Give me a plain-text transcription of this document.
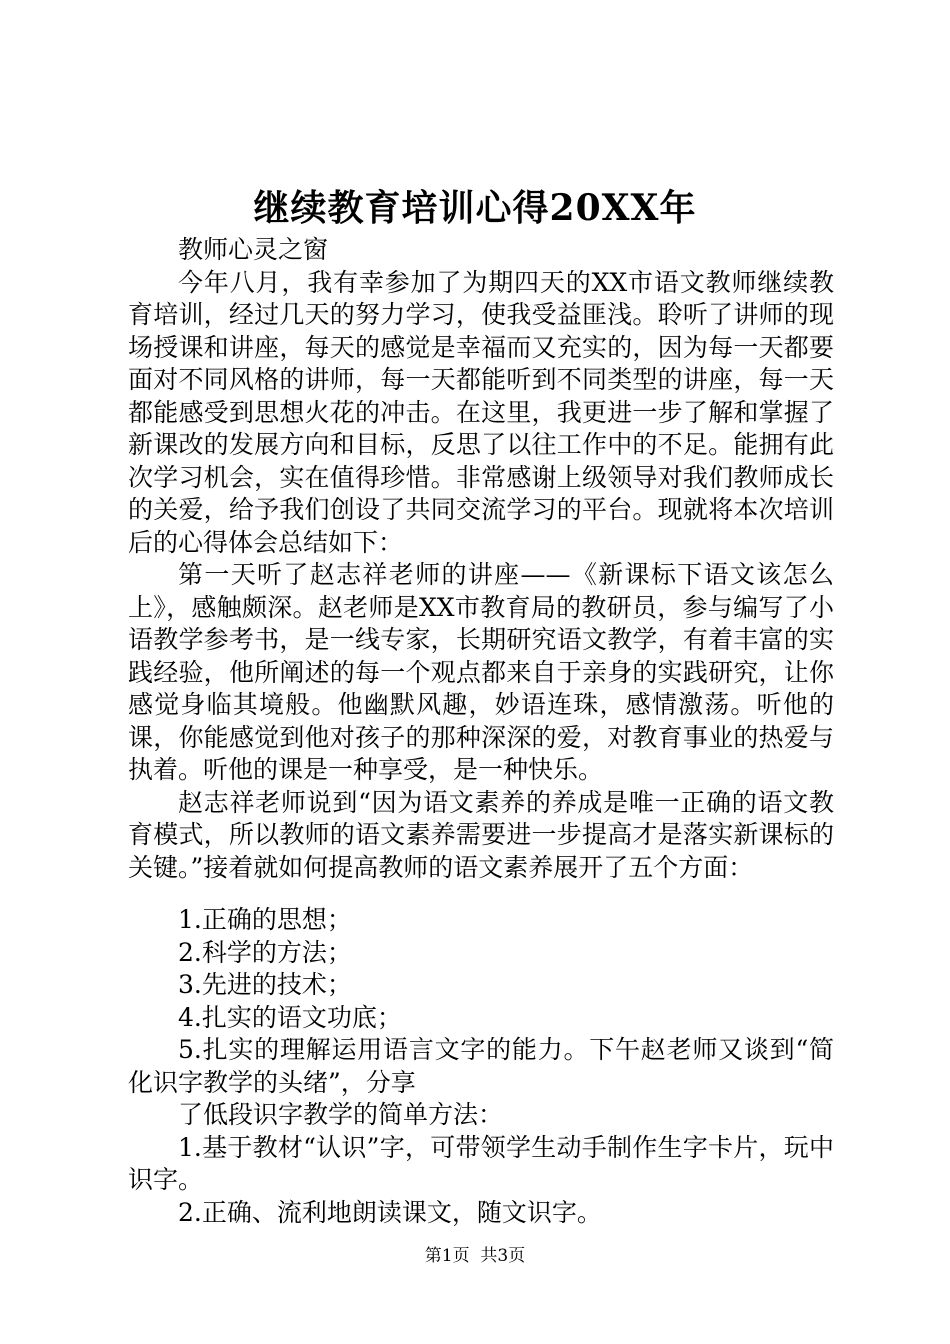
继续教育培训心得20XX年

教师心灵之窗

今年八月，我有幸参加了为期四天的XX市语文教师继续教育培训，经过几天的努力学习，使我受益匪浅。聆听了讲师的现场授课和讲座，每天的感觉是幸福而又充实的，因为每一天都要面对不同风格的讲师，每一天都能听到不同类型的讲座，每一天都能感受到思想火花的冲击。在这里，我更进一步了解和掌握了新课改的发展方向和目标，反思了以往工作中的不足。能拥有此次学习机会，实在值得珍惜。非常感谢上级领导对我们教师成长的关爱，给予我们创设了共同交流学习的平台。现就将本次培训后的心得体会总结如下：

第一天听了赵志祥老师的讲座——《新课标下语文该怎么上》，感触颇深。赵老师是XX市教育局的教研员，参与编写了小语教学参考书，是一线专家，长期研究语文教学，有着丰富的实践经验，他所阐述的每一个观点都来自于亲身的实践研究，让你感觉身临其境般。他幽默风趣，妙语连珠，感情激荡。听他的课，你能感觉到他对孩子的那种深深的爱，对教育事业的热爱与执着。听他的课是一种享受，是一种快乐。

赵志祥老师说到“因为语文素养的养成是唯一正确的语文教育模式，所以教师的语文素养需要进一步提高才是落实新课标的关键。”接着就如何提高教师的语文素养展开了五个方面：

1.正确的思想；

2.科学的方法；

3.先进的技术；

4.扎实的语文功底；

5.扎实的理解运用语言文字的能力。下午赵老师又谈到“简化识字教学的头绪”，分享

了低段识字教学的简单方法：

1.基于教材“认识”字，可带领学生动手制作生字卡片，玩中识字。

2.正确、流利地朗读课文，随文识字。

第1页 共3页
